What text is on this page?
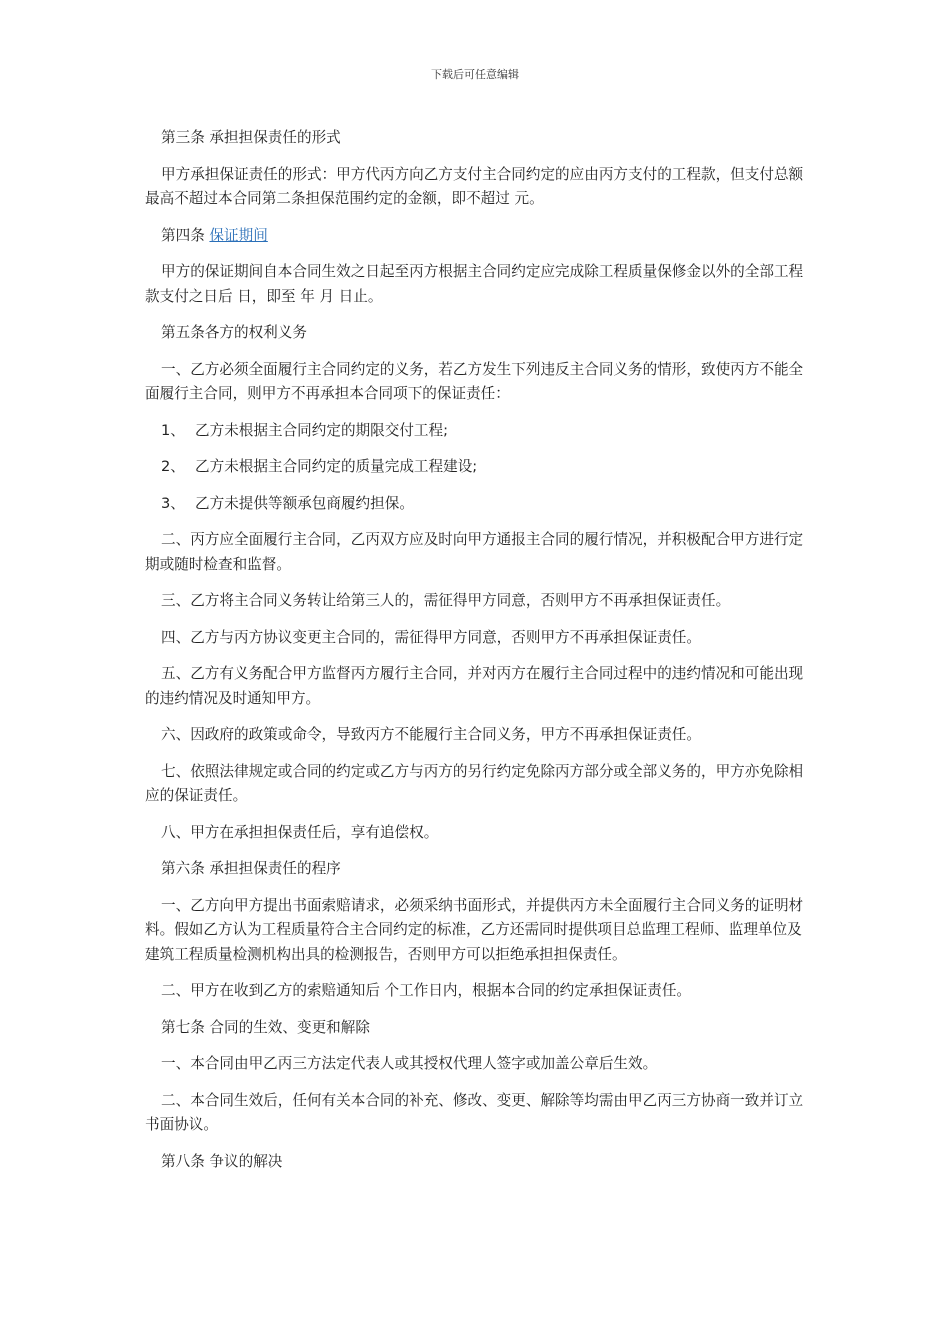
下载后可任意编辑

第三条 承担担保责任的形式

甲方承担保证责任的形式：甲方代丙方向乙方支付主合同约定的应由丙方支付的工程款，但支付总额最高不超过本合同第二条担保范围约定的金额，即不超过 元。

第四条 保证期间

甲方的保证期间自本合同生效之日起至丙方根据主合同约定应完成除工程质量保修金以外的全部工程款支付之日后 日，即至 年 月 日止。

第五条各方的权利义务

一、乙方必须全面履行主合同约定的义务，若乙方发生下列违反主合同义务的情形，致使丙方不能全面履行主合同，则甲方不再承担本合同项下的保证责任：

1、 乙方未根据主合同约定的期限交付工程;

2、 乙方未根据主合同约定的质量完成工程建设;

3、 乙方未提供等额承包商履约担保。

二、丙方应全面履行主合同，乙丙双方应及时向甲方通报主合同的履行情况，并积极配合甲方进行定期或随时检查和监督。

三、乙方将主合同义务转让给第三人的，需征得甲方同意，否则甲方不再承担保证责任。

四、乙方与丙方协议变更主合同的，需征得甲方同意，否则甲方不再承担保证责任。

五、乙方有义务配合甲方监督丙方履行主合同，并对丙方在履行主合同过程中的违约情况和可能出现的违约情况及时通知甲方。

六、因政府的政策或命令，导致丙方不能履行主合同义务，甲方不再承担保证责任。

七、依照法律规定或合同的约定或乙方与丙方的另行约定免除丙方部分或全部义务的，甲方亦免除相应的保证责任。

八、甲方在承担担保责任后，享有追偿权。

第六条 承担担保责任的程序

一、乙方向甲方提出书面索赔请求，必须采纳书面形式，并提供丙方未全面履行主合同义务的证明材料。假如乙方认为工程质量符合主合同约定的标准，乙方还需同时提供项目总监理工程师、监理单位及建筑工程质量检测机构出具的检测报告，否则甲方可以拒绝承担担保责任。

二、甲方在收到乙方的索赔通知后 个工作日内，根据本合同的约定承担保证责任。

第七条 合同的生效、变更和解除

一、本合同由甲乙丙三方法定代表人或其授权代理人签字或加盖公章后生效。

二、本合同生效后，任何有关本合同的补充、修改、变更、解除等均需由甲乙丙三方协商一致并订立书面协议。

第八条 争议的解决
